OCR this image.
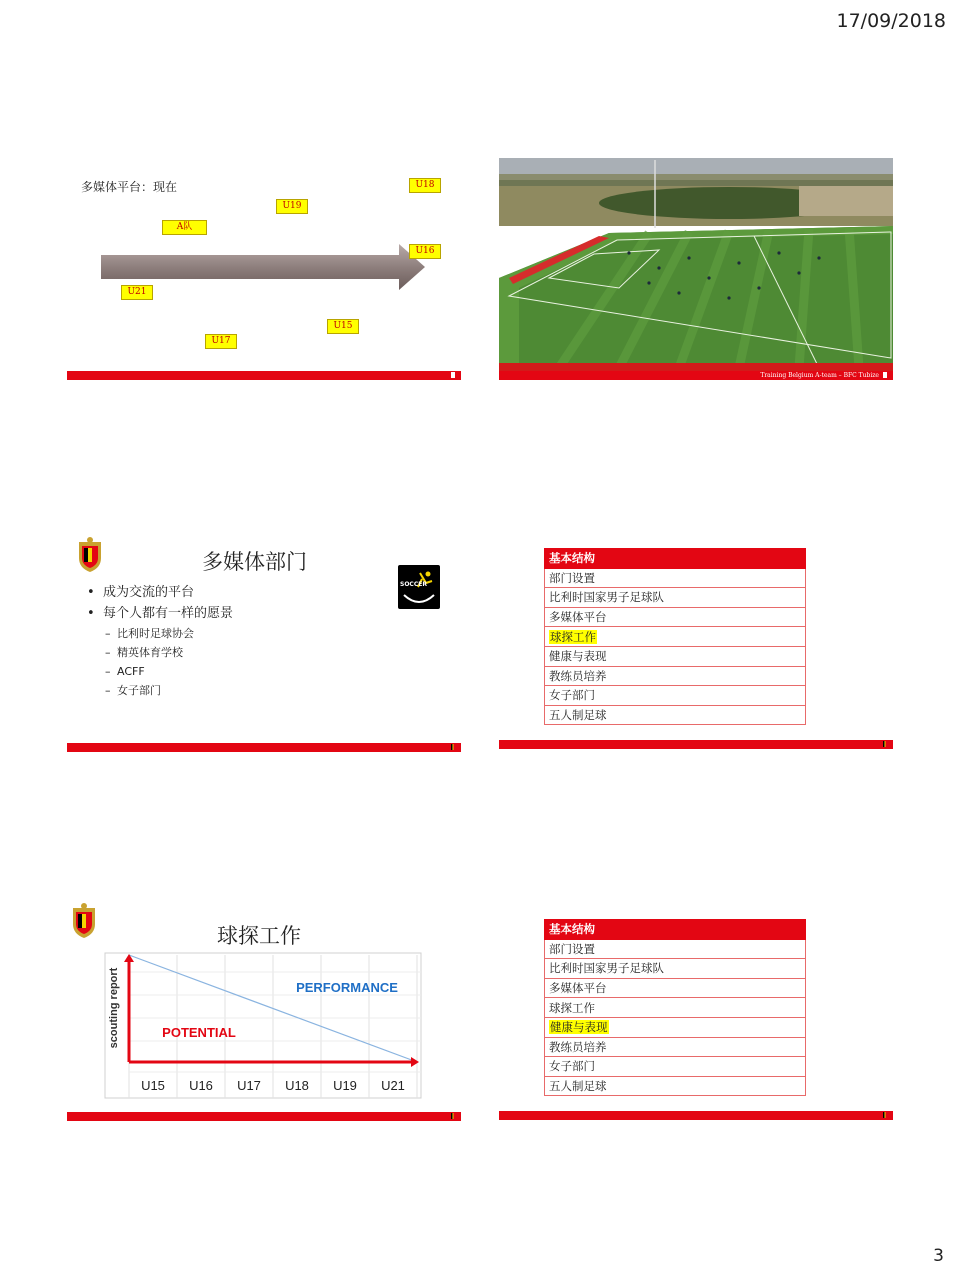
17/09/2018
多媒体平台：现在	U18
U19
A队
U16
U21
U15
U17
Training Belgium A-team – BFC Tubize
多媒体部门
• 成为交流的平台
• 每个人都有一样的愿景
– 比利时足球协会
– 精英体育学校
– ACFF
– 女子部门
SOCCER
基本结构
部门设置
比利时国家男子足球队
多媒体平台
球探工作
健康与表现
教练员培养
女子部门
五人制足球
球探工作
scouting report	PERFORMANCE
POTENTIAL
U15 U16 U17 U18 U19 U21
基本结构
部门设置
比利时国家男子足球队
多媒体平台
球探工作
健康与表现
教练员培养
女子部门
五人制足球
3
